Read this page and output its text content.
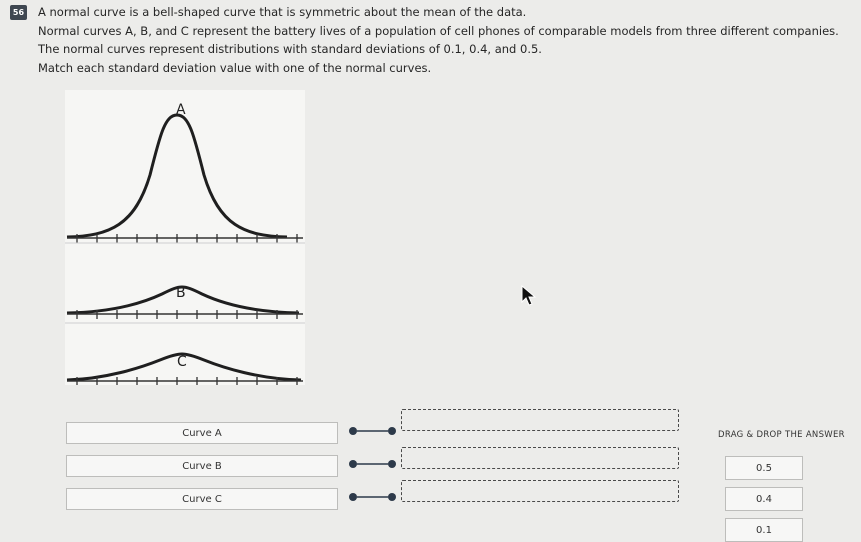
56 A normal curve is a bell-shaped curve that is symmetric about the mean of the data.

Normal curves A, B, and C represent the battery lives of a population of cell phones of comparable models from three different companies.

The normal curves represent distributions with standard deviations of 0.1, 0.4, and 0.5.

Match each standard deviation value with one of the normal curves.

A
B
C
Curve A
Curve B
Curve C
DRAG & DROP THE ANSWER
0.5
0.4
0.1
